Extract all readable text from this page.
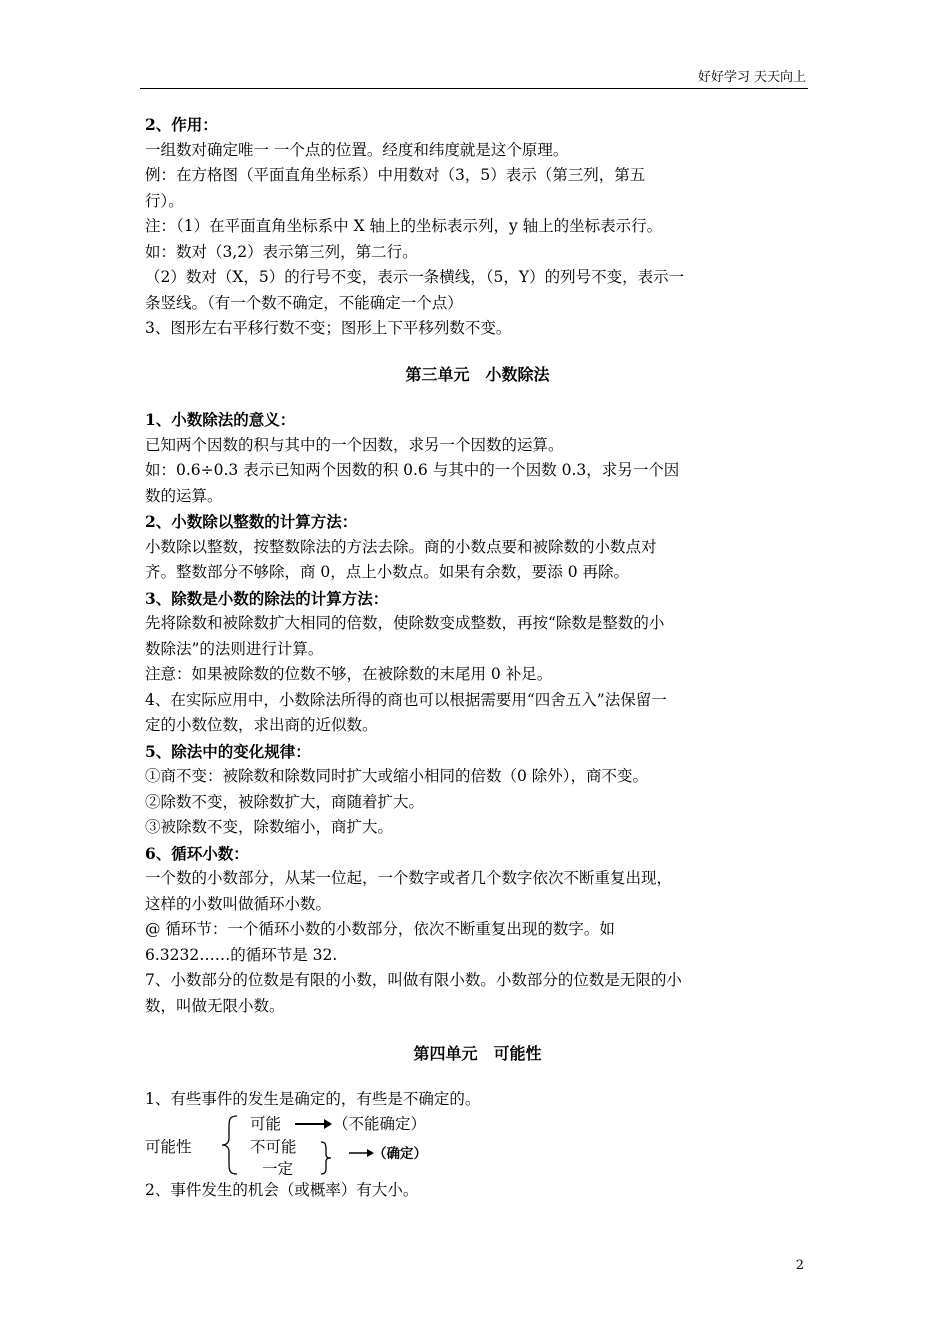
好好学习 天天向上
2、作用：
一组数对确定唯一 一个点的位置。经度和纬度就是这个原理。
例：在方格图（平面直角坐标系）中用数对（3，5）表示（第三列，第五
行）。
注：（1）在平面直角坐标系中 X 轴上的坐标表示列，y 轴上的坐标表示行。
如：数对（3,2）表示第三列，第二行。
（2）数对（X，5）的行号不变，表示一条横线，（5，Y）的列号不变，表示一
条竖线。（有一个数不确定，不能确定一个点）
3、图形左右平移行数不变；图形上下平移列数不变。
第三单元　小数除法
1、小数除法的意义：
已知两个因数的积与其中的一个因数，求另一个因数的运算。
如：0.6÷0.3 表示已知两个因数的积 0.6 与其中的一个因数 0.3，求另一个因
数的运算。
2、小数除以整数的计算方法：
小数除以整数，按整数除法的方法去除。商的小数点要和被除数的小数点对
齐。整数部分不够除，商 0，点上小数点。如果有余数，要添 0 再除。
3、除数是小数的除法的计算方法：
先将除数和被除数扩大相同的倍数，使除数变成整数，再按“除数是整数的小
数除法”的法则进行计算。
注意：如果被除数的位数不够，在被除数的末尾用 0 补足。
4、在实际应用中，小数除法所得的商也可以根据需要用“四舍五入”法保留一
定的小数位数，求出商的近似数。
5、除法中的变化规律：
①商不变：被除数和除数同时扩大或缩小相同的倍数（0 除外），商不变。
②除数不变，被除数扩大，商随着扩大。
③被除数不变，除数缩小，商扩大。
6、循环小数：
一个数的小数部分，从某一位起，一个数字或者几个数字依次不断重复出现，
这样的小数叫做循环小数。
@ 循环节：一个循环小数的小数部分，依次不断重复出现的数字。如
6.3232……的循环节是 32.
7、小数部分的位数是有限的小数，叫做有限小数。小数部分的位数是无限的小
数，叫做无限小数。
第四单元　可能性
1、有些事件的发生是确定的，有些是不确定的。
可能性
可能	（不能确定）
不可能
一定
（确定）
2、事件发生的机会（或概率）有大小。
2
